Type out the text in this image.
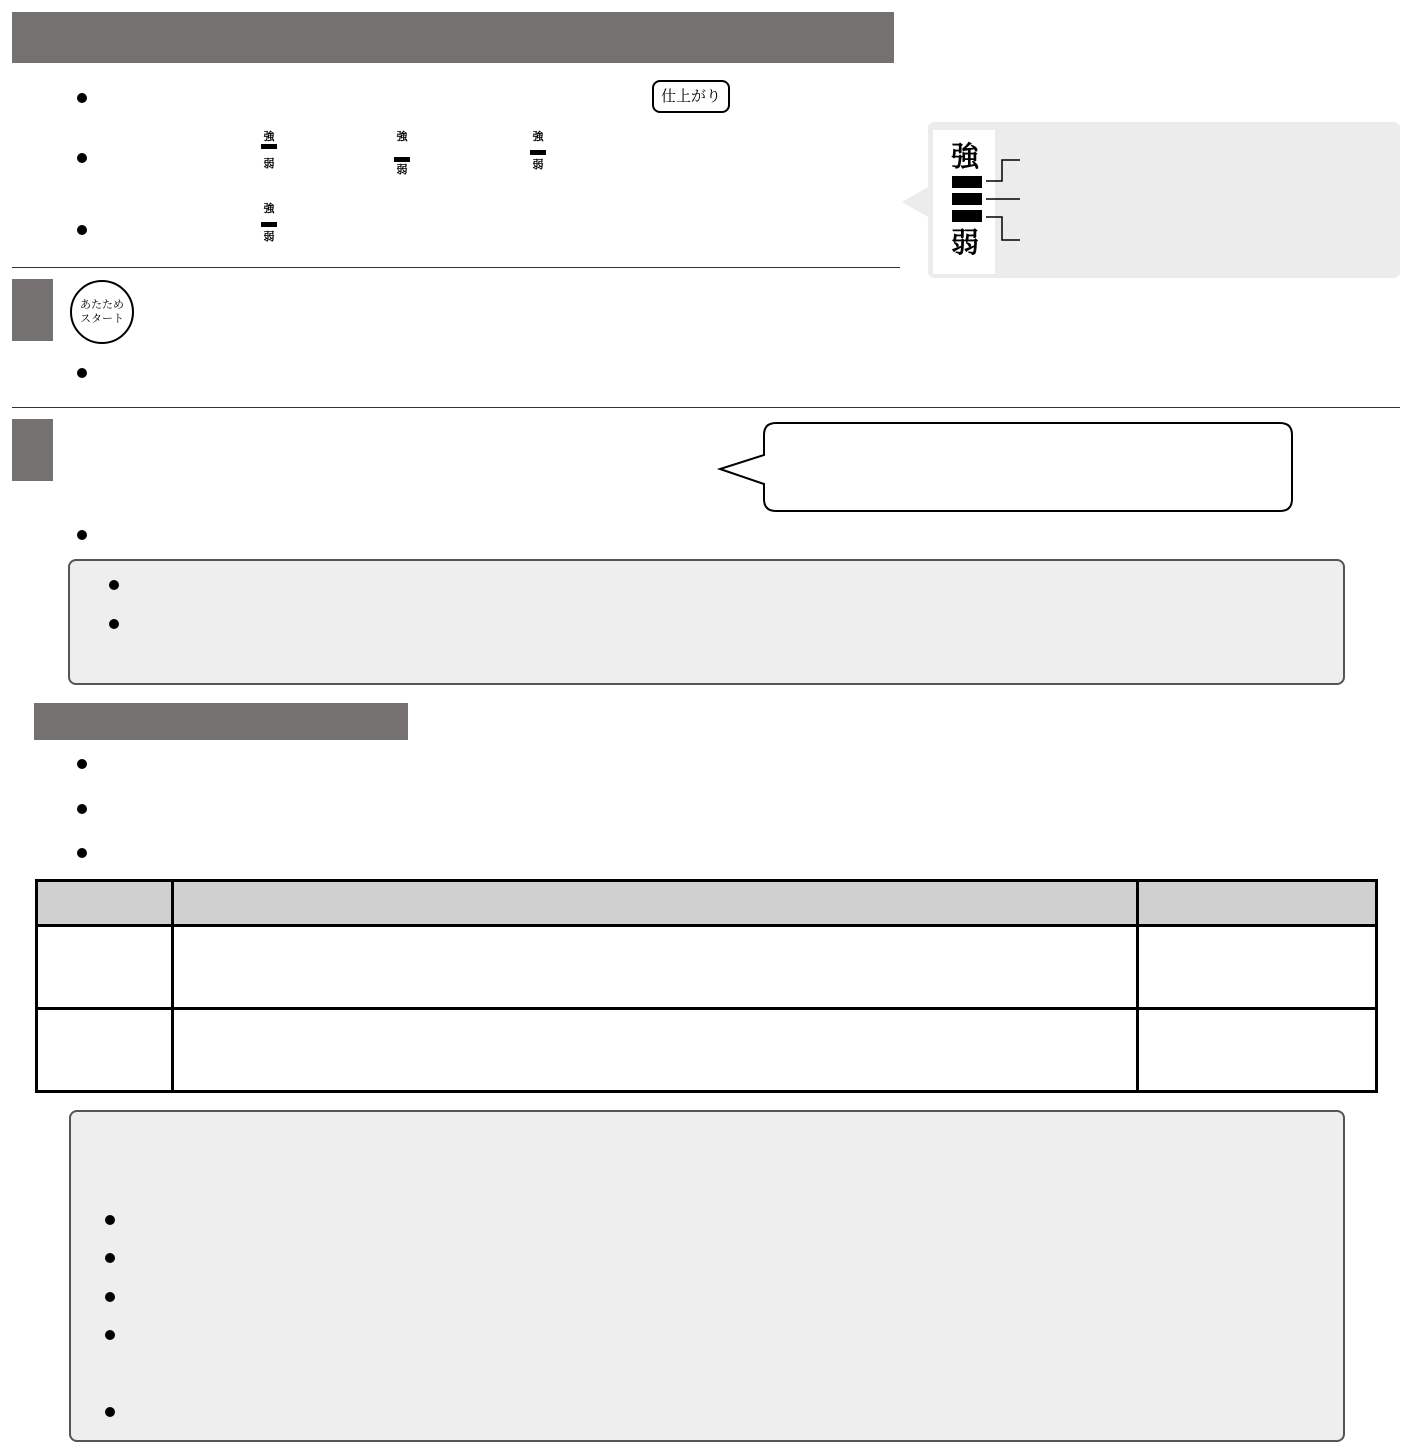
仕上がり
強
弱
強
弱
強
弱
強
弱
強
弱
あたため
スタート
